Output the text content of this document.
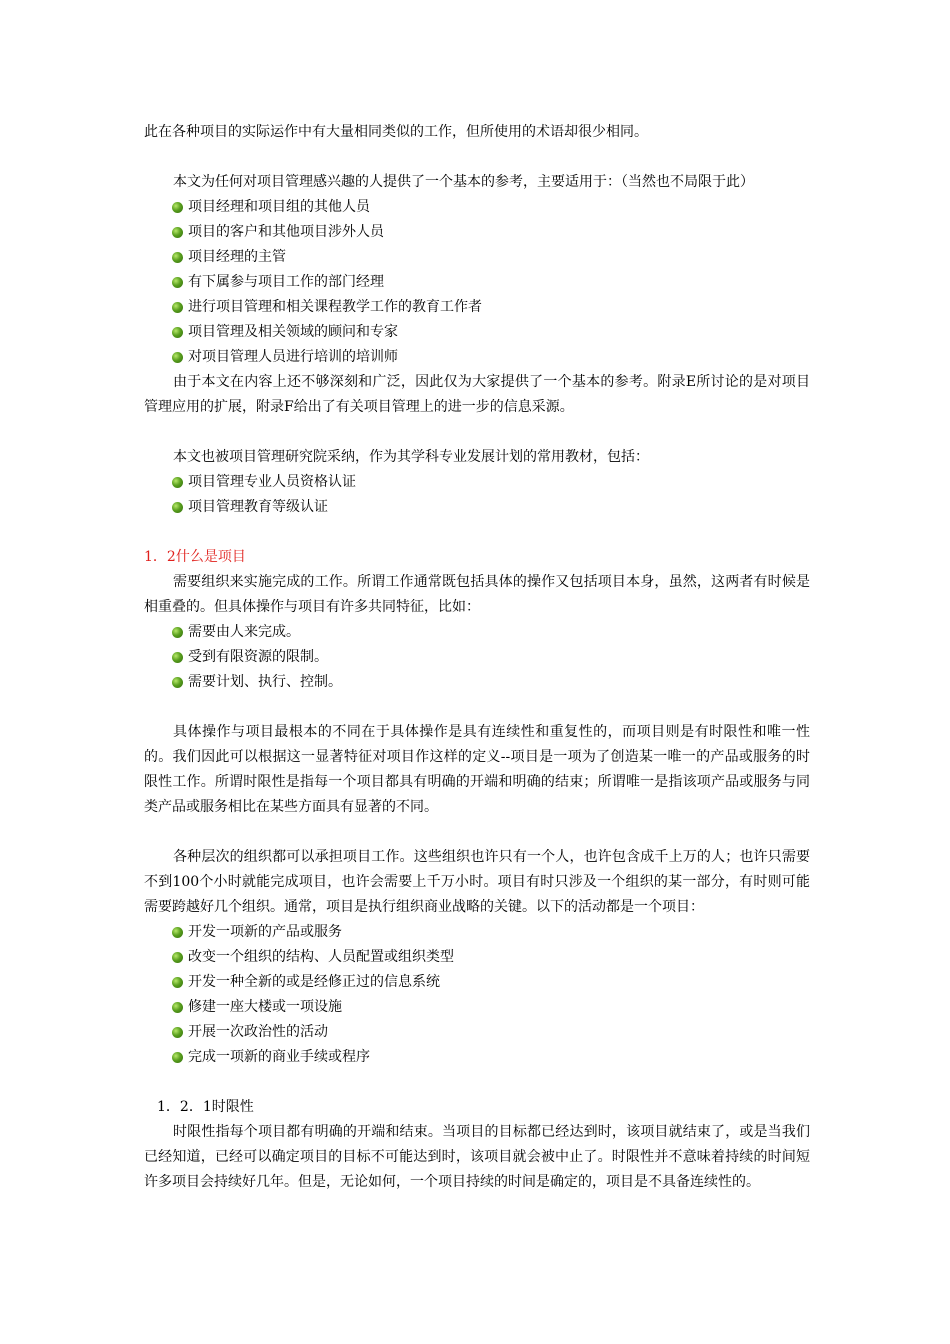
此在各种项目的实际运作中有大量相同类似的工作，但所使用的术语却很少相同。

本文为任何对项目管理感兴趣的人提供了一个基本的参考，主要适用于：（当然也不局限于此）

项目经理和项目组的其他人员
项目的客户和其他项目涉外人员
项目经理的主管
有下属参与项目工作的部门经理
进行项目管理和相关课程教学工作的教育工作者
项目管理及相关领域的顾问和专家
对项目管理人员进行培训的培训师

由于本文在内容上还不够深刻和广泛，因此仅为大家提供了一个基本的参考。附录E所讨论的是对项目管理应用的扩展，附录F给出了有关项目管理上的进一步的信息采源。

本文也被项目管理研究院采纳，作为其学科专业发展计划的常用教材，包括：

项目管理专业人员资格认证
项目管理教育等级认证
1．2什么是项目

需要组织来实施完成的工作。所谓工作通常既包括具体的操作又包括项目本身，虽然，这两者有时候是相重叠的。但具体操作与项目有许多共同特征，比如：

需要由人来完成。
受到有限资源的限制。
需要计划、执行、控制。

具体操作与项目最根本的不同在于具体操作是具有连续性和重复性的，而项目则是有时限性和唯一性的。我们因此可以根据这一显著特征对项目作这样的定义--项目是一项为了创造某一唯一的产品或服务的时限性工作。所谓时限性是指每一个项目都具有明确的开端和明确的结束；所谓唯一是指该项产品或服务与同类产品或服务相比在某些方面具有显著的不同。

各种层次的组织都可以承担项目工作。这些组织也许只有一个人，也许包含成千上万的人；也许只需要不到100个小时就能完成项目，也许会需要上千万小时。项目有时只涉及一个组织的某一部分，有时则可能需要跨越好几个组织。通常，项目是执行组织商业战略的关键。以下的活动都是一个项目：

开发一项新的产品或服务
改变一个组织的结构、人员配置或组织类型
开发一种全新的或是经修正过的信息系统
修建一座大楼或一项设施
开展一次政治性的活动
完成一项新的商业手续或程序
1．2．1时限性

时限性指每个项目都有明确的开端和结束。当项目的目标都已经达到时，该项目就结束了，或是当我们已经知道，已经可以确定项目的目标不可能达到时，该项目就会被中止了。时限性并不意味着持续的时间短许多项目会持续好几年。但是，无论如何，一个项目持续的时间是确定的，项目是不具备连续性的。
